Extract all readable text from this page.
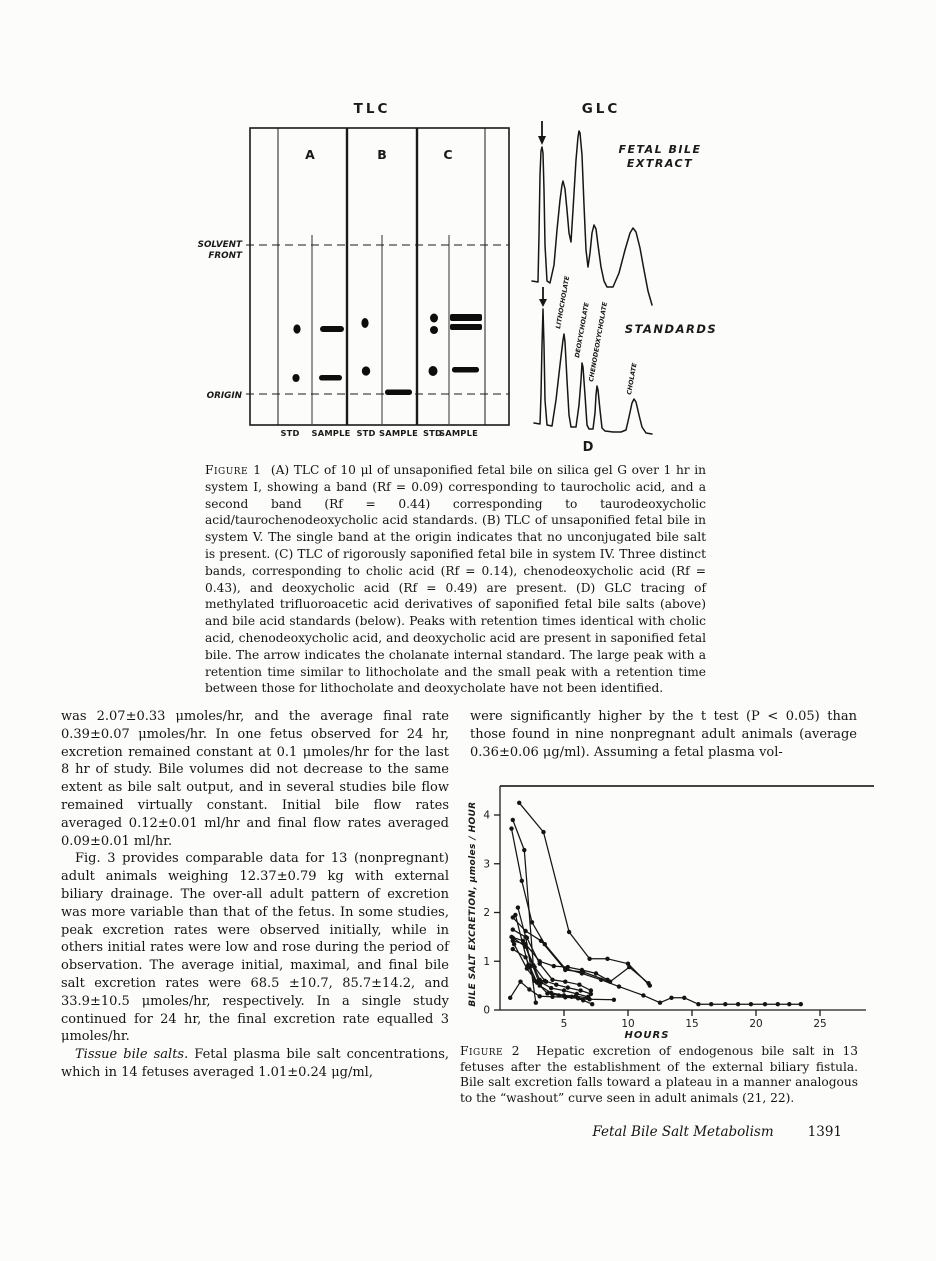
TLC	GLC
SOLVENT
FRONT
ORIGIN
A	B	C
STD SAMPLE STD SAMPLE STD
SAMPLE
FETAL BILE
EXTRACT
STANDARDS
LITHOCHOLATE DEOXYCHOLATE
CHENODEOXYCHOLATE	CHOLATE
D
Figure 1 (A) TLC of 10 μl of unsaponified fetal bile on silica gel G over 1 hr in system I, showing a band (Rf = 0.09) corresponding to taurocholic acid, and a second band (Rf = 0.44) corresponding to taurodeoxycholic acid/taurochenodeoxycholic acid standards. (B) TLC of unsaponified fetal bile in system V. The single band at the origin indicates that no unconjugated bile salt is present. (C) TLC of rigorously saponified fetal bile in system IV. Three distinct bands, corresponding to cholic acid (Rf = 0.14), chenodeoxycholic acid (Rf = 0.43), and deoxycholic acid (Rf = 0.49) are present. (D) GLC tracing of methylated trifluoroacetic acid derivatives of saponified fetal bile salts (above) and bile acid standards (below). Peaks with retention times identical with cholic acid, chenodeoxycholic acid, and deoxycholic acid are present in saponified fetal bile. The arrow indicates the cholanate internal standard. The large peak with a retention time similar to lithocholate and the small peak with a retention time between those for lithocholate and deoxycholate have not been identified.

was 2.07±0.33 μmoles/hr, and the average final rate 0.39±0.07 μmoles/hr. In one fetus observed for 24 hr, excretion remained constant at 0.1 μmoles/hr for the last 8 hr of study. Bile volumes did not decrease to the same extent as bile salt output, and in several studies bile flow remained virtually constant. Initial bile flow rates averaged 0.12±0.01 ml/hr and final flow rates averaged 0.09±0.01 ml/hr.

Fig. 3 provides comparable data for 13 (nonpregnant) adult animals weighing 12.37±0.79 kg with external biliary drainage. The over-all adult pattern of excretion was more variable than that of the fetus. In some studies, peak excretion rates were observed initially, while in others initial rates were low and rose during the period of observation. The average initial, maximal, and final bile salt excretion rates were 68.5 ±10.7, 85.7±14.2, and 33.9±10.5 μmoles/hr, respectively. In a single study continued for 24 hr, the final excretion rate equalled 3 μmoles/hr.

Tissue bile salts. Fetal plasma bile salt concentrations, which in 14 fetuses averaged 1.01±0.24 μg/ml,

were significantly higher by the t test (P < 0.05) than those found in nine nonpregnant adult animals (average 0.36±0.06 μg/ml). Assuming a fetal plasma vol-

5	10	15	20	25
0
1
2
3
4
HOURS
BILE SALT EXCRETION, μmoles / HOUR
Figure 2 Hepatic excretion of endogenous bile salt in 13 fetuses after the establishment of the external biliary fistula. Bile salt excretion falls toward a plateau in a manner analogous to the “washout” curve seen in adult animals (21, 22).
Fetal Bile Salt Metabolism	1391
